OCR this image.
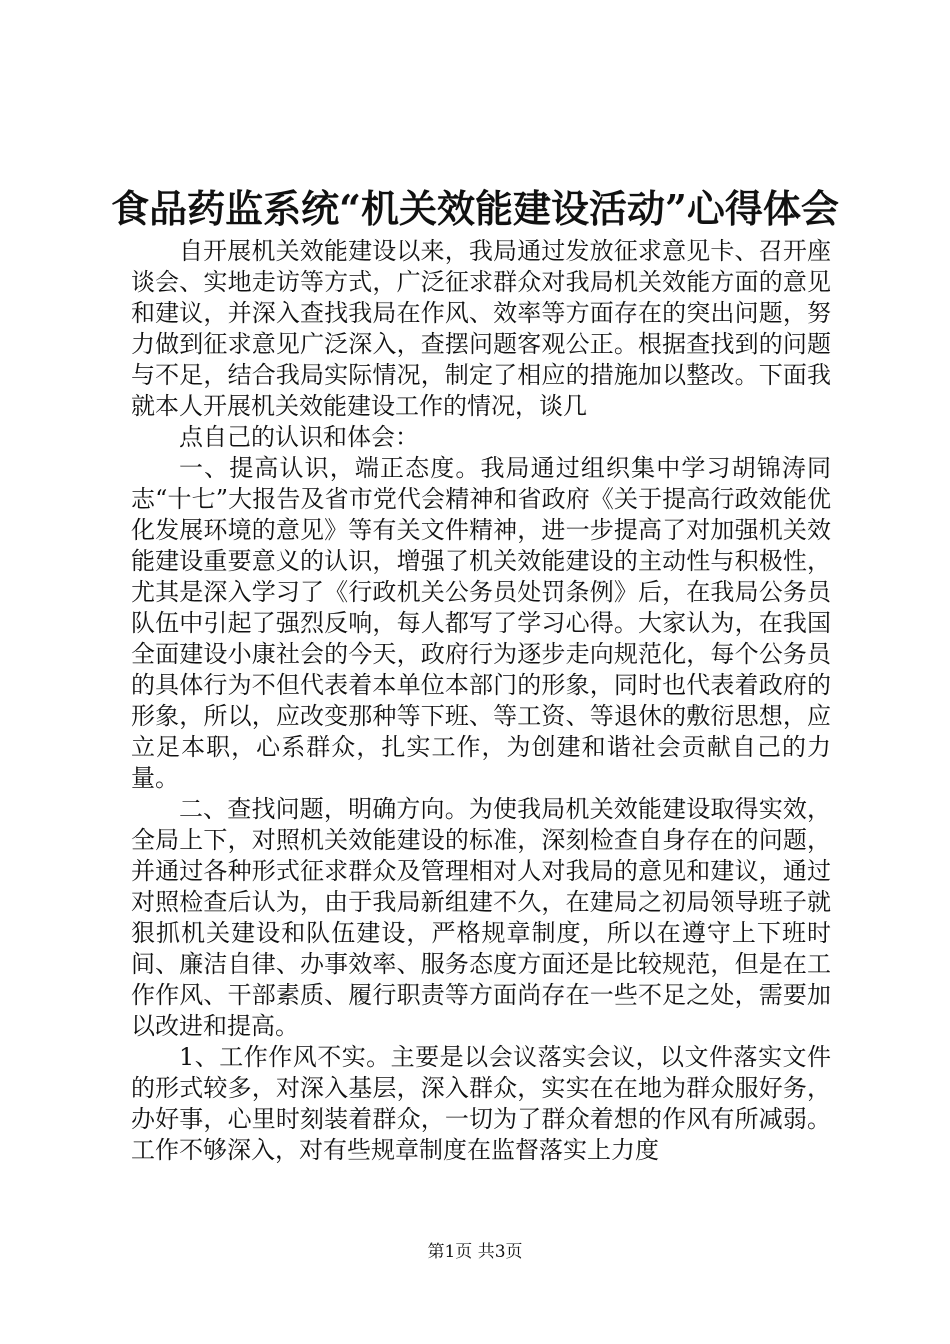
食品药监系统“机关效能建设活动”心得体会

自开展机关效能建设以来，我局通过发放征求意见卡、召开座谈会、实地走访等方式，广泛征求群众对我局机关效能方面的意见和建议，并深入查找我局在作风、效率等方面存在的突出问题，努力做到征求意见广泛深入，查摆问题客观公正。根据查找到的问题与不足，结合我局实际情况，制定了相应的措施加以整改。下面我就本人开展机关效能建设工作的情况，谈几

点自己的认识和体会：

一、提高认识，端正态度。我局通过组织集中学习胡锦涛同志“十七”大报告及省市党代会精神和省政府《关于提高行政效能优化发展环境的意见》等有关文件精神，进一步提高了对加强机关效能建设重要意义的认识，增强了机关效能建设的主动性与积极性，尤其是深入学习了《行政机关公务员处罚条例》后，在我局公务员队伍中引起了强烈反响，每人都写了学习心得。大家认为，在我国全面建设小康社会的今天，政府行为逐步走向规范化，每个公务员的具体行为不但代表着本单位本部门的形象，同时也代表着政府的形象，所以，应改变那种等下班、等工资、等退休的敷衍思想，应立足本职，心系群众，扎实工作，为创建和谐社会贡献自己的力量。

二、查找问题，明确方向。为使我局机关效能建设取得实效，全局上下，对照机关效能建设的标准，深刻检查自身存在的问题，并通过各种形式征求群众及管理相对人对我局的意见和建议，通过对照检查后认为，由于我局新组建不久，在建局之初局领导班子就狠抓机关建设和队伍建设，严格规章制度，所以在遵守上下班时间、廉洁自律、办事效率、服务态度方面还是比较规范，但是在工作作风、干部素质、履行职责等方面尚存在一些不足之处，需要加以改进和提高。

1、工作作风不实。主要是以会议落实会议，以文件落实文件的形式较多，对深入基层，深入群众，实实在在地为群众服好务，办好事，心里时刻装着群众，一切为了群众着想的作风有所减弱。工作不够深入，对有些规章制度在监督落实上力度

第1页 共3页
